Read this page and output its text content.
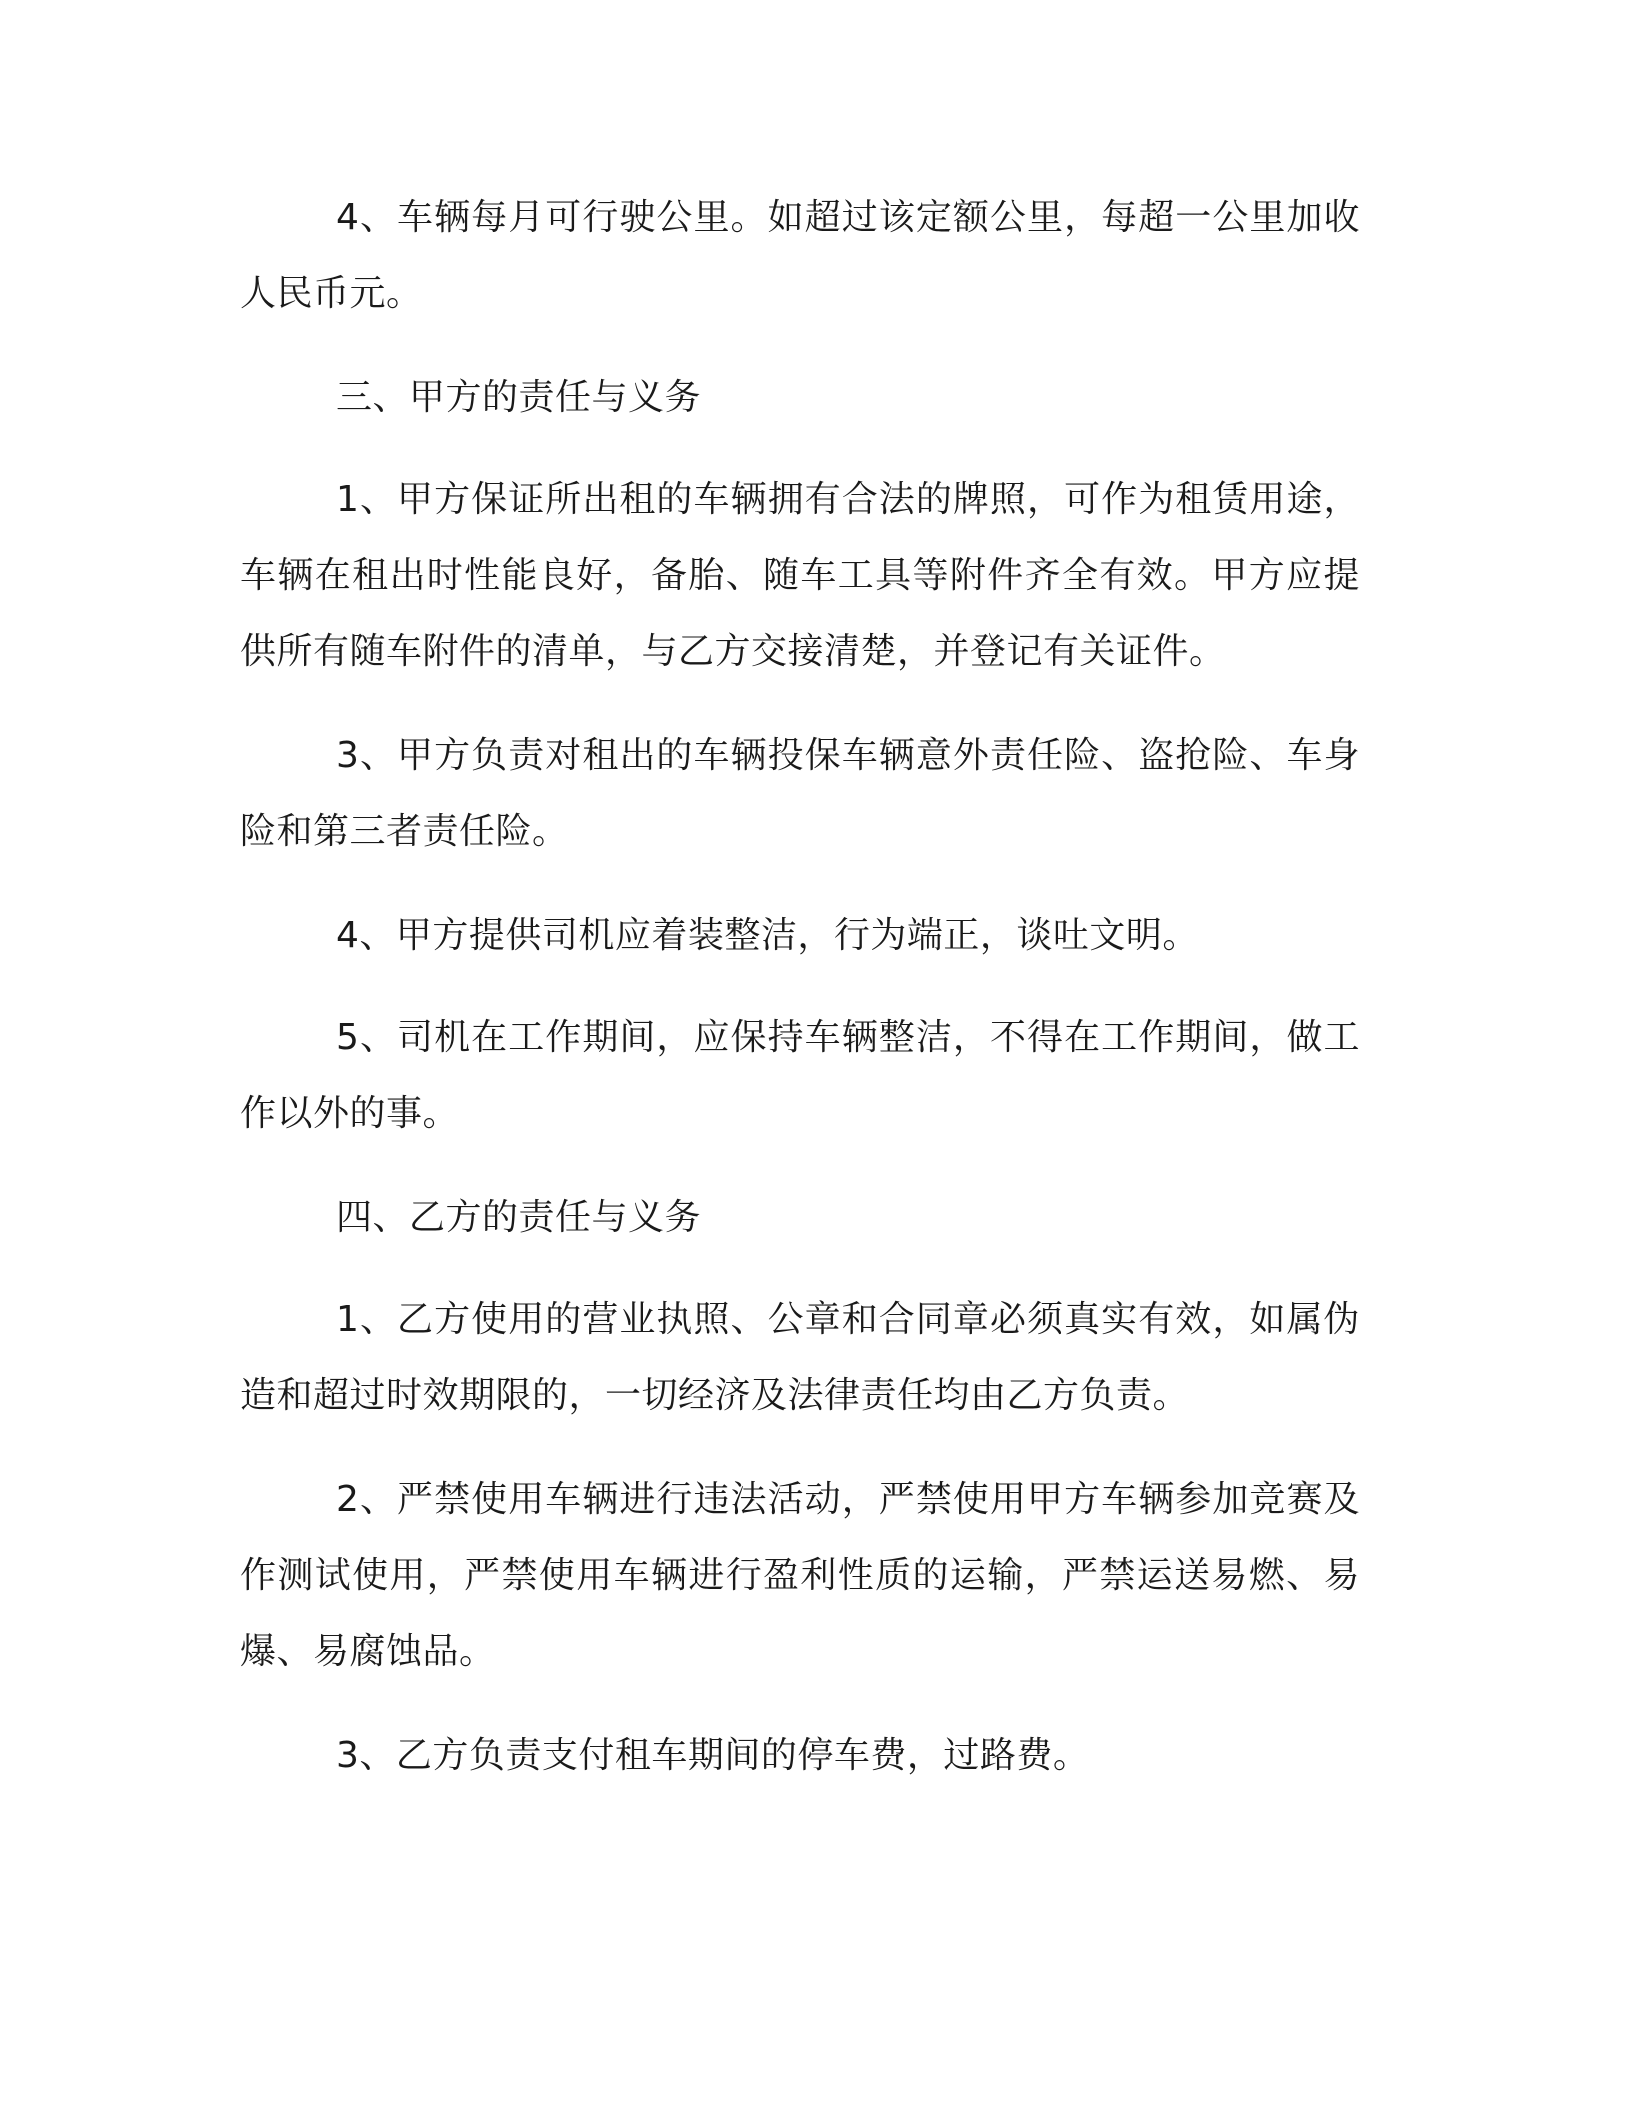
4、车辆每月可行驶公里。如超过该定额公里，每超一公里加收人民币元。

三、甲方的责任与义务

1、甲方保证所出租的车辆拥有合法的牌照，可作为租赁用途，车辆在租出时性能良好，备胎、随车工具等附件齐全有效。甲方应提供所有随车附件的清单，与乙方交接清楚，并登记有关证件。

3、甲方负责对租出的车辆投保车辆意外责任险、盗抢险、车身险和第三者责任险。

4、甲方提供司机应着装整洁，行为端正，谈吐文明。

5、司机在工作期间，应保持车辆整洁，不得在工作期间，做工作以外的事。

四、乙方的责任与义务

1、乙方使用的营业执照、公章和合同章必须真实有效，如属伪造和超过时效期限的，一切经济及法律责任均由乙方负责。

2、严禁使用车辆进行违法活动，严禁使用甲方车辆参加竞赛及作测试使用，严禁使用车辆进行盈利性质的运输，严禁运送易燃、易爆、易腐蚀品。

3、乙方负责支付租车期间的停车费，过路费。
